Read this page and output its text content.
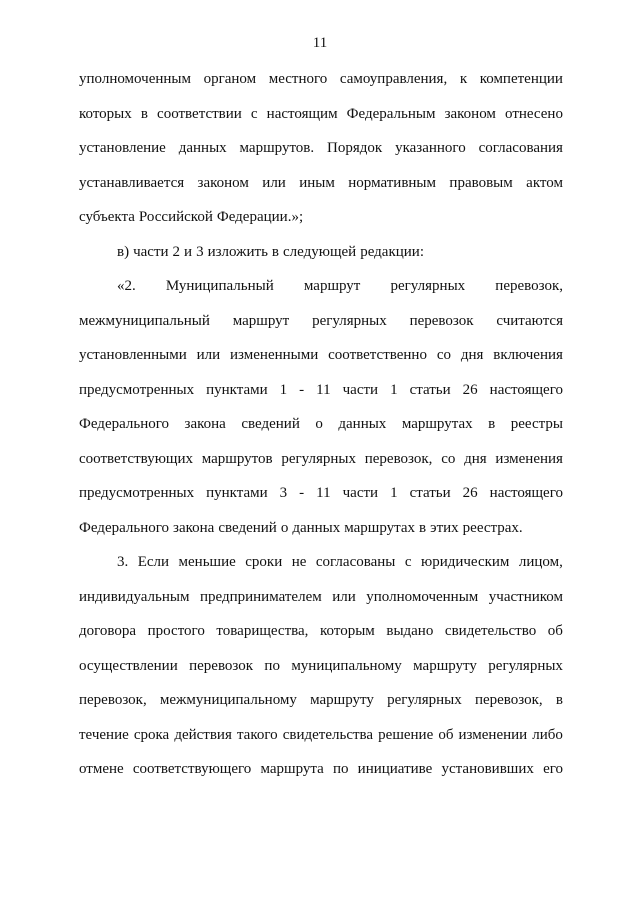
11
уполномоченным органом местного самоуправления, к компетенции
которых в соответствии с настоящим Федеральным законом отнесено
установление данных маршрутов. Порядок указанного согласования
устанавливается законом или иным нормативным правовым актом
субъекта Российской Федерации.»;
в) части 2 и 3 изложить в следующей редакции:
«2. Муниципальный маршрут регулярных перевозок,
межмуниципальный маршрут регулярных перевозок считаются
установленными или измененными соответственно со дня включения
предусмотренных пунктами 1 - 11 части 1 статьи 26 настоящего
Федерального закона сведений о данных маршрутах в реестры
соответствующих маршрутов регулярных перевозок, со дня изменения
предусмотренных пунктами 3 - 11 части 1 статьи 26 настоящего
Федерального закона сведений о данных маршрутах в этих реестрах.
3. Если меньшие сроки не согласованы с юридическим лицом,
индивидуальным предпринимателем или уполномоченным участником
договора простого товарищества, которым выдано свидетельство об
осуществлении перевозок по муниципальному маршруту регулярных
перевозок, межмуниципальному маршруту регулярных перевозок, в
течение срока действия такого свидетельства решение об изменении либо
отмене соответствующего маршрута по инициативе установивших его
